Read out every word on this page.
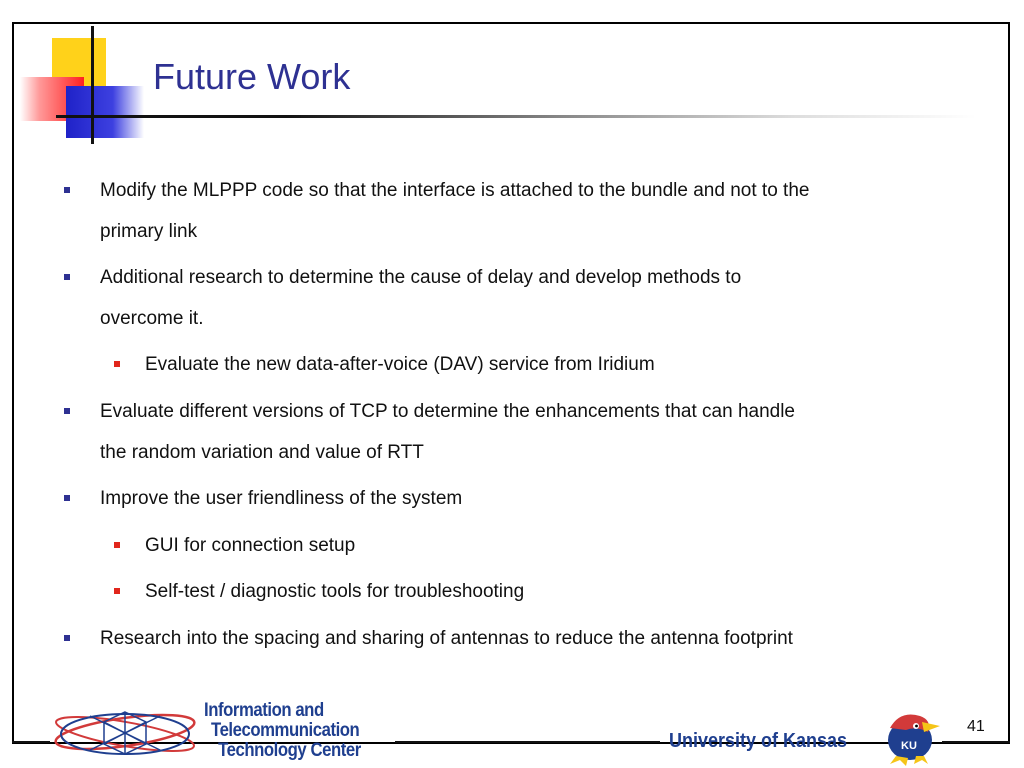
Future Work
Modify the MLPPP code so that the interface is attached to the bundle and not to the
primary link
Additional research to determine the cause of delay and develop methods to
overcome it.
Evaluate the new data-after-voice (DAV) service from Iridium
Evaluate different versions of TCP to determine the enhancements that can handle
the random variation and value of RTT
Improve the user friendliness of the system
GUI for connection setup
Self-test / diagnostic tools for troubleshooting
Research into the spacing and sharing of antennas to reduce the antenna footprint
Information and
Telecommunication
Technology Center	University of Kansas	KU
41
